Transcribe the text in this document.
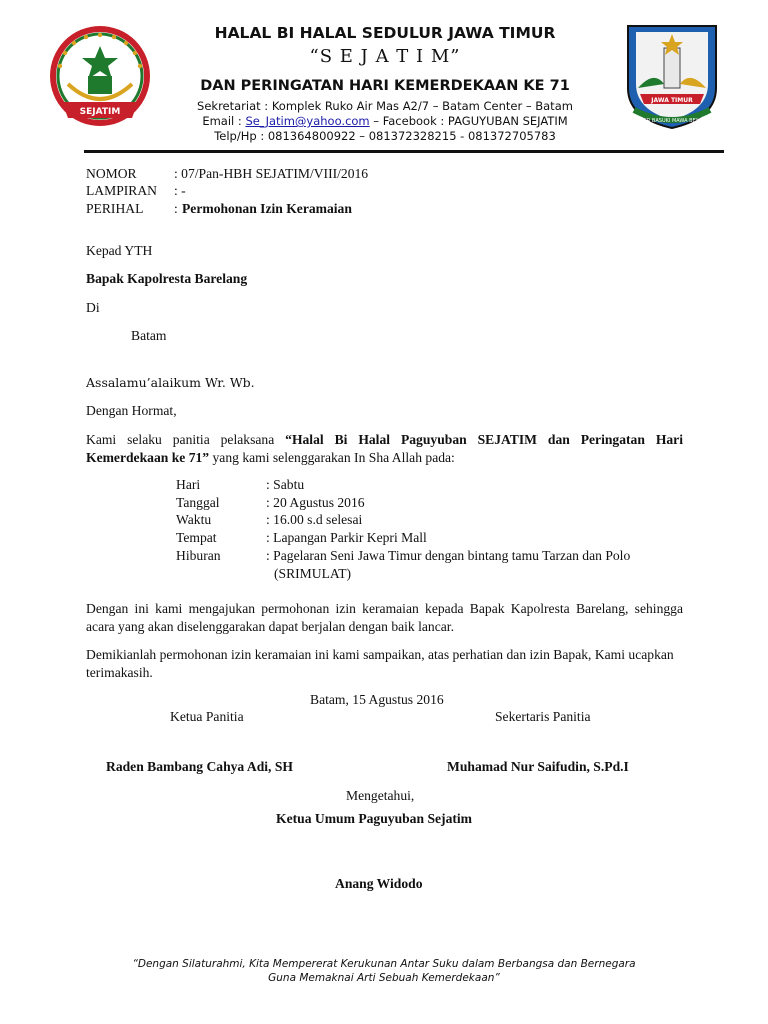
SEJATIM
JAWA TIMUR
JER BASUKI MAWA BEYA
HALAL BI HALAL SEDULUR JAWA TIMUR
“S E J A T I M”
DAN PERINGATAN HARI KEMERDEKAAN KE 71
Sekretariat : Komplek Ruko Air Mas A2/7 – Batam Center – Batam
Email : Se_Jatim@yahoo.com – Facebook : PAGUYUBAN SEJATIM
Telp/Hp : 081364800922 – 081372328215 - 081372705783
NOMOR	: 07/Pan-HBH SEJATIM/VIII/2016
LAMPIRAN : -
PERIHAL : Permohonan Izin Keramaian
Kepad YTH
Bapak Kapolresta Barelang
Di
Batam
Assalamu’alaikum Wr. Wb.
Dengan Hormat,
Kami selaku panitia pelaksana “Halal Bi Halal Paguyuban SEJATIM dan Peringatan Hari Kemerdekaan ke 71” yang kami selenggarakan In Sha Allah pada:
Hari	: Sabtu
Tanggal	: 20 Agustus 2016
Waktu	: 16.00 s.d selesai
Tempat	: Lapangan Parkir Kepri Mall
Hiburan	: Pagelaran Seni Jawa Timur dengan bintang tamu Tarzan dan Polo
(SRIMULAT)
Dengan ini kami mengajukan permohonan izin keramaian kepada Bapak Kapolresta Barelang, sehingga acara yang akan diselenggarakan dapat berjalan dengan baik lancar.
Demikianlah permohonan izin keramaian ini kami sampaikan, atas perhatian dan izin Bapak, Kami ucapkan terimakasih.
Batam, 15 Agustus 2016
Ketua Panitia	Sekertaris Panitia
Raden Bambang Cahya Adi, SH	Muhamad Nur Saifudin, S.Pd.I
Mengetahui,
Ketua Umum Paguyuban Sejatim
Anang Widodo
“Dengan Silaturahmi, Kita Mempererat Kerukunan Antar Suku dalam Berbangsa dan Bernegara
Guna Memaknai Arti Sebuah Kemerdekaan”
